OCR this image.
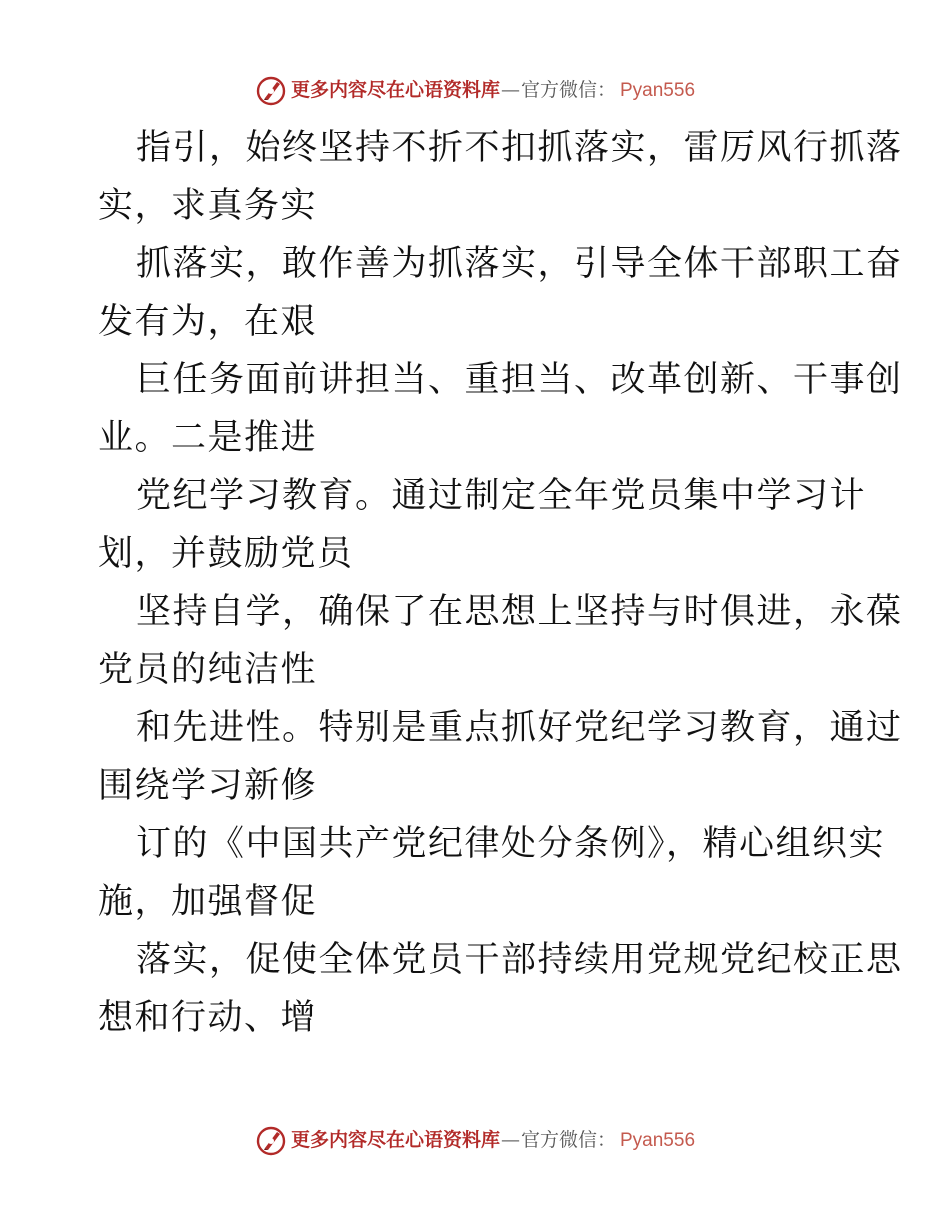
更多内容尽在心语资料库 — 官方微信： Pyan556
指引，始终坚持不折不扣抓落实，雷厉风行抓落
实，求真务实
抓落实，敢作善为抓落实，引导全体干部职工奋
发有为，在艰
巨任务面前讲担当、重担当、改革创新、干事创
业。二是推进
党纪学习教育。通过制定全年党员集中学习计
划，并鼓励党员
坚持自学，确保了在思想上坚持与时俱进，永葆
党员的纯洁性
和先进性。特别是重点抓好党纪学习教育，通过
围绕学习新修
订的《中国共产党纪律处分条例》，精心组织实
施，加强督促
落实，促使全体党员干部持续用党规党纪校正思
想和行动、增
更多内容尽在心语资料库 — 官方微信： Pyan556
